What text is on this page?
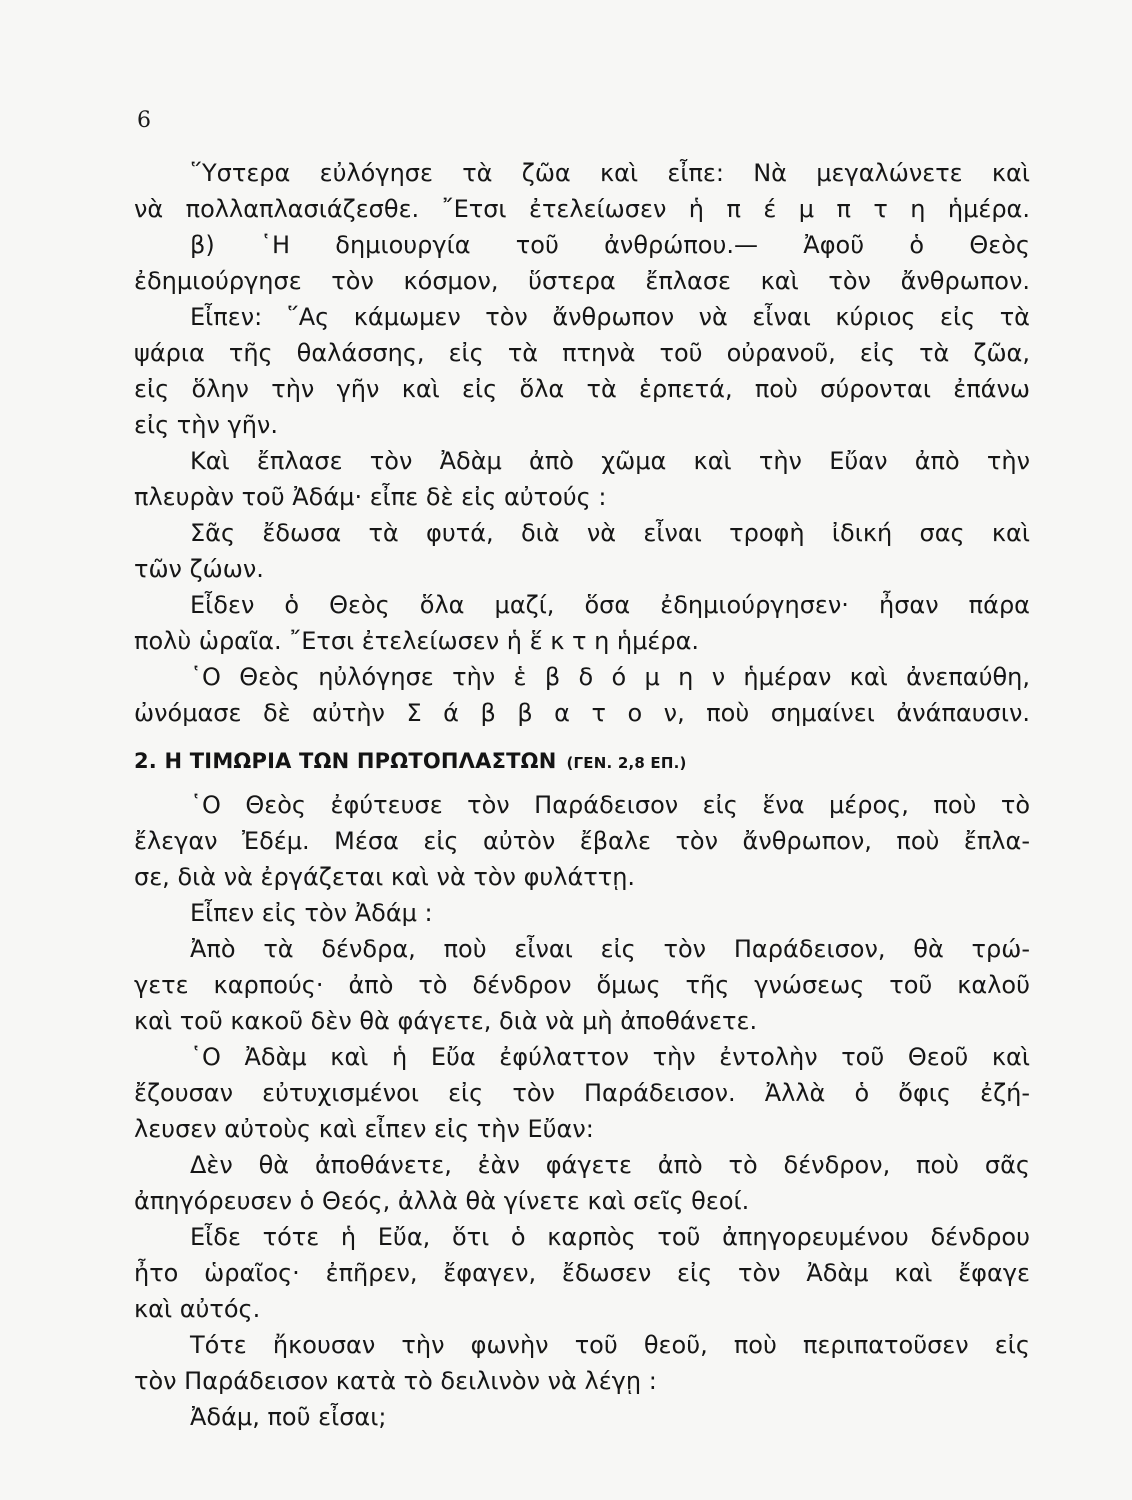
6
῞Υστερα εὐλόγησε τὰ ζῶα καὶ εἶπε: Νὰ μεγαλώνετε καὶ
νὰ πολλαπλασιάζεσθε. ῎Ετσι ἐτελείωσεν ἡ π έ μ π τ η ἡμέρα.
β) ῾Η δημιουργία τοῦ ἀνθρώπου.— Ἀφοῦ ὁ Θεὸς
ἐδημιούργησε τὸν κόσμον, ὕστερα ἔπλασε καὶ τὸν ἄνθρωπον.
Εἶπεν: ῞Ας κάμωμεν τὸν ἄνθρωπον νὰ εἶναι κύριος εἰς τὰ
ψάρια τῆς θαλάσσης, εἰς τὰ πτηνὰ τοῦ οὐρανοῦ, εἰς τὰ ζῶα,
εἰς ὅλην τὴν γῆν καὶ εἰς ὅλα τὰ ἑρπετά, ποὺ σύρονται ἐπάνω
εἰς τὴν γῆν.
Καὶ ἔπλασε τὸν Ἀδὰμ ἀπὸ χῶμα καὶ τὴν Εὔαν ἀπὸ τὴν
πλευρὰν τοῦ Ἀδάμ· εἶπε δὲ εἰς αὐτούς :
Σᾶς ἔδωσα τὰ φυτά, διὰ νὰ εἶναι τροφὴ ἰδική σας καὶ
τῶν ζώων.
Εἶδεν ὁ Θεὸς ὅλα μαζί, ὅσα ἐδημιούργησεν· ἦσαν πάρα
πολὺ ὡραῖα. ῎Ετσι ἐτελείωσεν ἡ ἕ κ τ η ἡμέρα.
῾Ο Θεὸς ηὐλόγησε τὴν ἑ β δ ό μ η ν ἡμέραν καὶ ἀνεπαύθη,
ὠνόμασε δὲ αὐτὴν Σ ά β β α τ ο ν, ποὺ σημαίνει ἀνάπαυσιν.
2. Η ΤΙΜΩΡΙΑ ΤΩΝ ΠΡΩΤΟΠΛΑΣΤΩΝ (ΓΕΝ. 2,8 ΕΠ.)
῾Ο Θεὸς ἐφύτευσε τὸν Παράδεισον εἰς ἕνα μέρος, ποὺ τὸ
ἔλεγαν Ἐδέμ. Μέσα εἰς αὐτὸν ἔβαλε τὸν ἄνθρωπον, ποὺ ἔπλα-
σε, διὰ νὰ ἐργάζεται καὶ νὰ τὸν φυλάττῃ.
Εἶπεν εἰς τὸν Ἀδάμ :
Ἀπὸ τὰ δένδρα, ποὺ εἶναι εἰς τὸν Παράδεισον, θὰ τρώ-
γετε καρπούς· ἀπὸ τὸ δένδρον ὅμως τῆς γνώσεως τοῦ καλοῦ
καὶ τοῦ κακοῦ δὲν θὰ φάγετε, διὰ νὰ μὴ ἀποθάνετε.
῾Ο Ἀδὰμ καὶ ἡ Εὔα ἐφύλαττον τὴν ἐντολὴν τοῦ Θεοῦ καὶ
ἔζουσαν εὐτυχισμένοι εἰς τὸν Παράδεισον. Ἀλλὰ ὁ ὄφις ἐζή-
λευσεν αὐτοὺς καὶ εἶπεν εἰς τὴν Εὔαν:
Δὲν θὰ ἀποθάνετε, ἐὰν φάγετε ἀπὸ τὸ δένδρον, ποὺ σᾶς
ἀπηγόρευσεν ὁ Θεός, ἀλλὰ θὰ γίνετε καὶ σεῖς θεοί.
Εἶδε τότε ἡ Εὔα, ὅτι ὁ καρπὸς τοῦ ἀπηγορευμένου δένδρου
ἦτο ὡραῖος· ἐπῆρεν, ἔφαγεν, ἔδωσεν εἰς τὸν Ἀδὰμ καὶ ἔφαγε
καὶ αὐτός.
Τότε ἤκουσαν τὴν φωνὴν τοῦ θεοῦ, ποὺ περιπατοῦσεν εἰς
τὸν Παράδεισον κατὰ τὸ δειλινὸν νὰ λέγῃ :
Ἀδάμ, ποῦ εἶσαι;
